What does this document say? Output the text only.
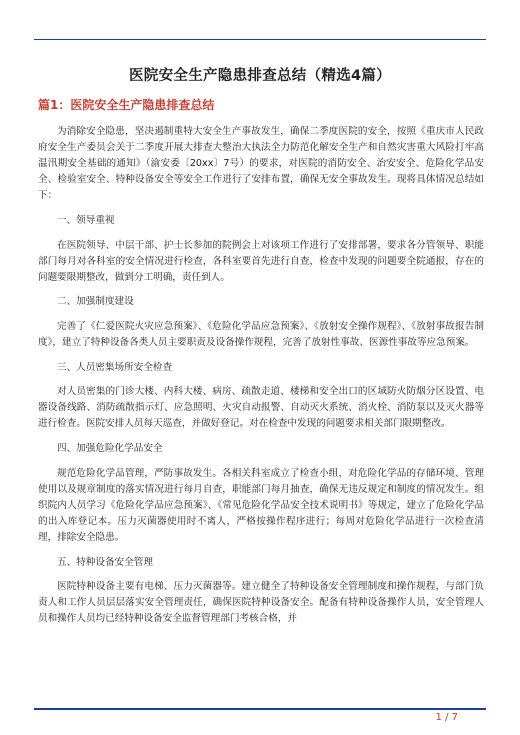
医院安全生产隐患排查总结（精选4篇）
篇1：医院安全生产隐患排查总结

为消除安全隐患，坚决遏制重特大安全生产事故发生，确保二季度医院的安全，按照《重庆市人民政府安全生产委员会关于二季度开展大排查大整治大执法全力防范化解安全生产和自然灾害重大风险打牢高温汛期安全基础的通知》（渝安委〔20xx〕7号）的要求，对医院的消防安全、治安安全、危险化学品安全、检验室安全、特种设备安全等安全工作进行了安排布置，确保无安全事故发生。现将具体情况总结如下：

一、领导重视

在医院领导、中层干部、护士长参加的院例会上对该项工作进行了安排部署，要求各分管领导、职能部门每月对各科室的安全情况进行检查，各科室要首先进行自查，检查中发现的问题要全院通报，存在的问题要限期整改，做到分工明确，责任到人。

二、加强制度建设

完善了《仁爱医院火灾应急预案》、《危险化学品应急预案》、《放射安全操作规程》、《放射事故报告制度》，建立了特种设备各类人员主要职责及设备操作规程，完善了放射性事故、医源性事故等应急预案。

三、人员密集场所安全检查

对人员密集的门诊大楼、内科大楼、病房、疏散走道、楼梯和安全出口的区域防火防烟分区设置、电器设备线路、消防疏散指示灯、应急照明、火灾自动报警、自动灭火系统、消火栓、消防泵以及灭火器等进行检查。医院安排人员每天巡查，并做好登记。对在检查中发现的问题要求相关部门限期整改。

四、加强危险化学品安全

规范危险化学品管理，严防事故发生。各相关科室成立了检查小组，对危险化学品的存储环境、管理使用以及规章制度的落实情况进行每月自查，职能部门每月抽查，确保无违反规定和制度的情况发生。组织院内人员学习《危险化学品应急预案》、《常见危险化学品安全技术说明书》等规定，建立了危险化学品的出入库登记本。压力灭菌器使用时不离人，严格按操作程序进行；每周对危险化学品进行一次检查清理，排除安全隐患。

五、特种设备安全管理

医院特种设备主要有电梯、压力灭菌器等。建立健全了特种设备安全管理制度和操作规程，与部门负责人和工作人员层层落实安全管理责任，确保医院特种设备安全。配备有特种设备操作人员，安全管理人员和操作人员均已经特种设备安全监督管理部门考核合格，并

1 / 7
